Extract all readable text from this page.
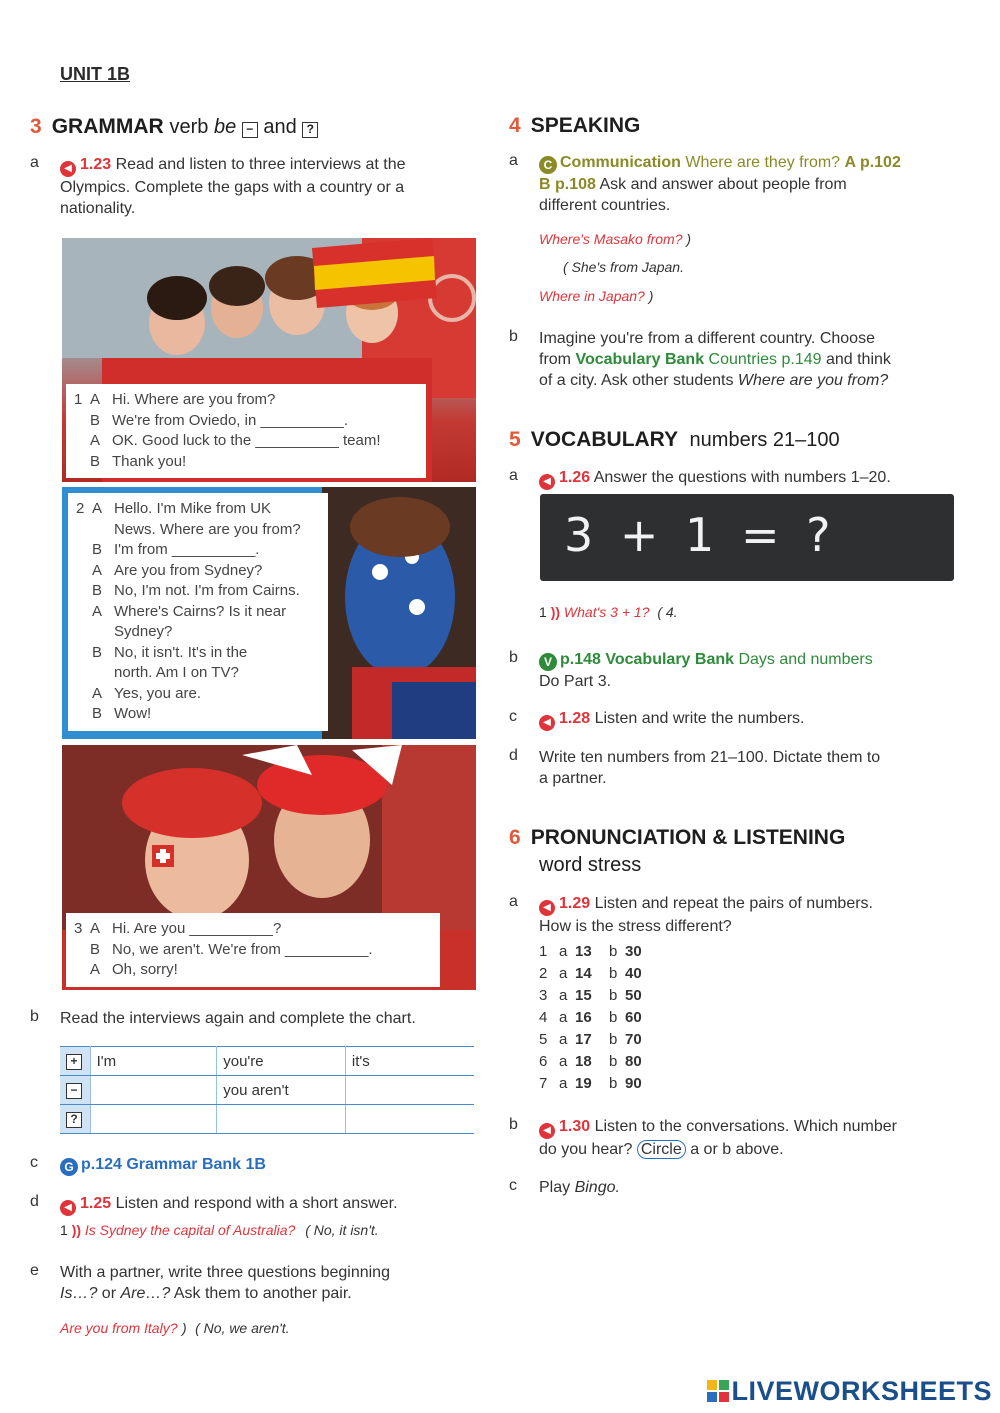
UNIT 1B
3 GRAMMAR verb be − and ?
a	◀ 1.23 Read and listen to three interviews at the
Olympics. Complete the gaps with a country or a
nationality.
1 A Hi. Where are you from?
B We're from Oviedo, in __________.
A OK. Good luck to the __________ team!
B Thank you!
2 A Hello. I'm Mike from UK
News. Where are you from?
B I'm from __________.
A Are you from Sydney?
B No, I'm not. I'm from Cairns.
A Where's Cairns? Is it near
Sydney?
B No, it isn't. It's in the
north. Am I on TV?
A Yes, you are.
B Wow!
3 A Hi. Are you __________?
B No, we aren't. We're from __________.
A Oh, sorry!
b	Read the interviews again and complete the chart.
+	I'm	you're	it's
−		you aren't	
?			
c	G p.124 Grammar Bank 1B
d	◀ 1.25 Listen and respond with a short answer.
1 )) Is Sydney the capital of Australia? ( No, it isn't.
e	With a partner, write three questions beginning
Is…? or Are…? Ask them to another pair.
Are you from Italy? ) ( No, we aren't.
4 SPEAKING
a	C Communication Where are they from? A p.102
B p.108 Ask and answer about people from
different countries.
Where's Masako from? )
( She's from Japan.
Where in Japan? )
b	Imagine you're from a different country. Choose
from Vocabulary Bank Countries p.149 and think
of a city. Ask other students Where are you from?
5 VOCABULARY numbers 21–100
a	◀ 1.26 Answer the questions with numbers 1–20.
3 + 1 = ?
1 )) What's 3 + 1? ( 4.
b	V p.148 Vocabulary Bank Days and numbers
Do Part 3.
c	◀ 1.28 Listen and write the numbers.
d	Write ten numbers from 21–100. Dictate them to
a partner.
6 PRONUNCIATION & LISTENING
word stress
a	◀ 1.29 Listen and repeat the pairs of numbers.
How is the stress different?
1 a 13 b 30
2 a 14 b 40
3 a 15 b 50
4 a 16 b 60
5 a 17 b 70
6 a 18 b 80
7 a 19 b 90
b	◀ 1.30 Listen to the conversations. Which number
do you hear? Circle a or b above.
c	Play Bingo.
LIVEWORKSHEETS
